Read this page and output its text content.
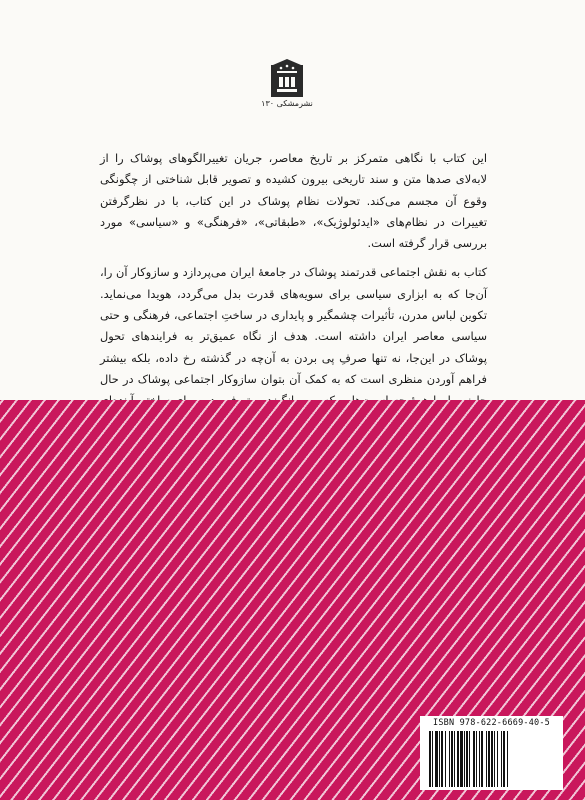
نشرمشکی ۱۳۰

این کتاب با نگاهی متمرکز بر تاریخ معاصر، جریان تغییرالگوهای پوشاک را از لابه‌لای صدها متن و سند تاریخی بیرون کشیده و تصویر قابل شناختی از چگونگی وقوع آن مجسم می‌کند. تحولات نظام پوشاک در این کتاب، با در نظرگرفتن تغییرات در نظام‌های «ایدئولوژیک»، «طبقاتی»، «فرهنگی» و «سیاسی» مورد بررسی قرار گرفته است.

کتاب به نقش اجتماعی قدرتمند پوشاک در جامعهٔ ایران می‌پردازد و سازوکار آن را، آن‌جا که به ابزاری سیاسی برای سویه‌های قدرت بدل می‌گردد، هویدا می‌نماید. تکوین لباس مدرن، تأثیرات چشمگیر و پایداری در ساختِ اجتماعی، فرهنگی و حتی سیاسی معاصر ایران داشته است. هدف از نگاه عمیق‌تر به فرایندهای تحول پوشاک در این‌جا، نه تنها صرفِ پی بردن به آن‌چه در گذشته رخ داده، بلکه بیشتر فراهم آوردن منظری است که به کمک آن بتوان سازوکار اجتماعی پوشاک در حال

ISBN 978-622-6669-40-5
